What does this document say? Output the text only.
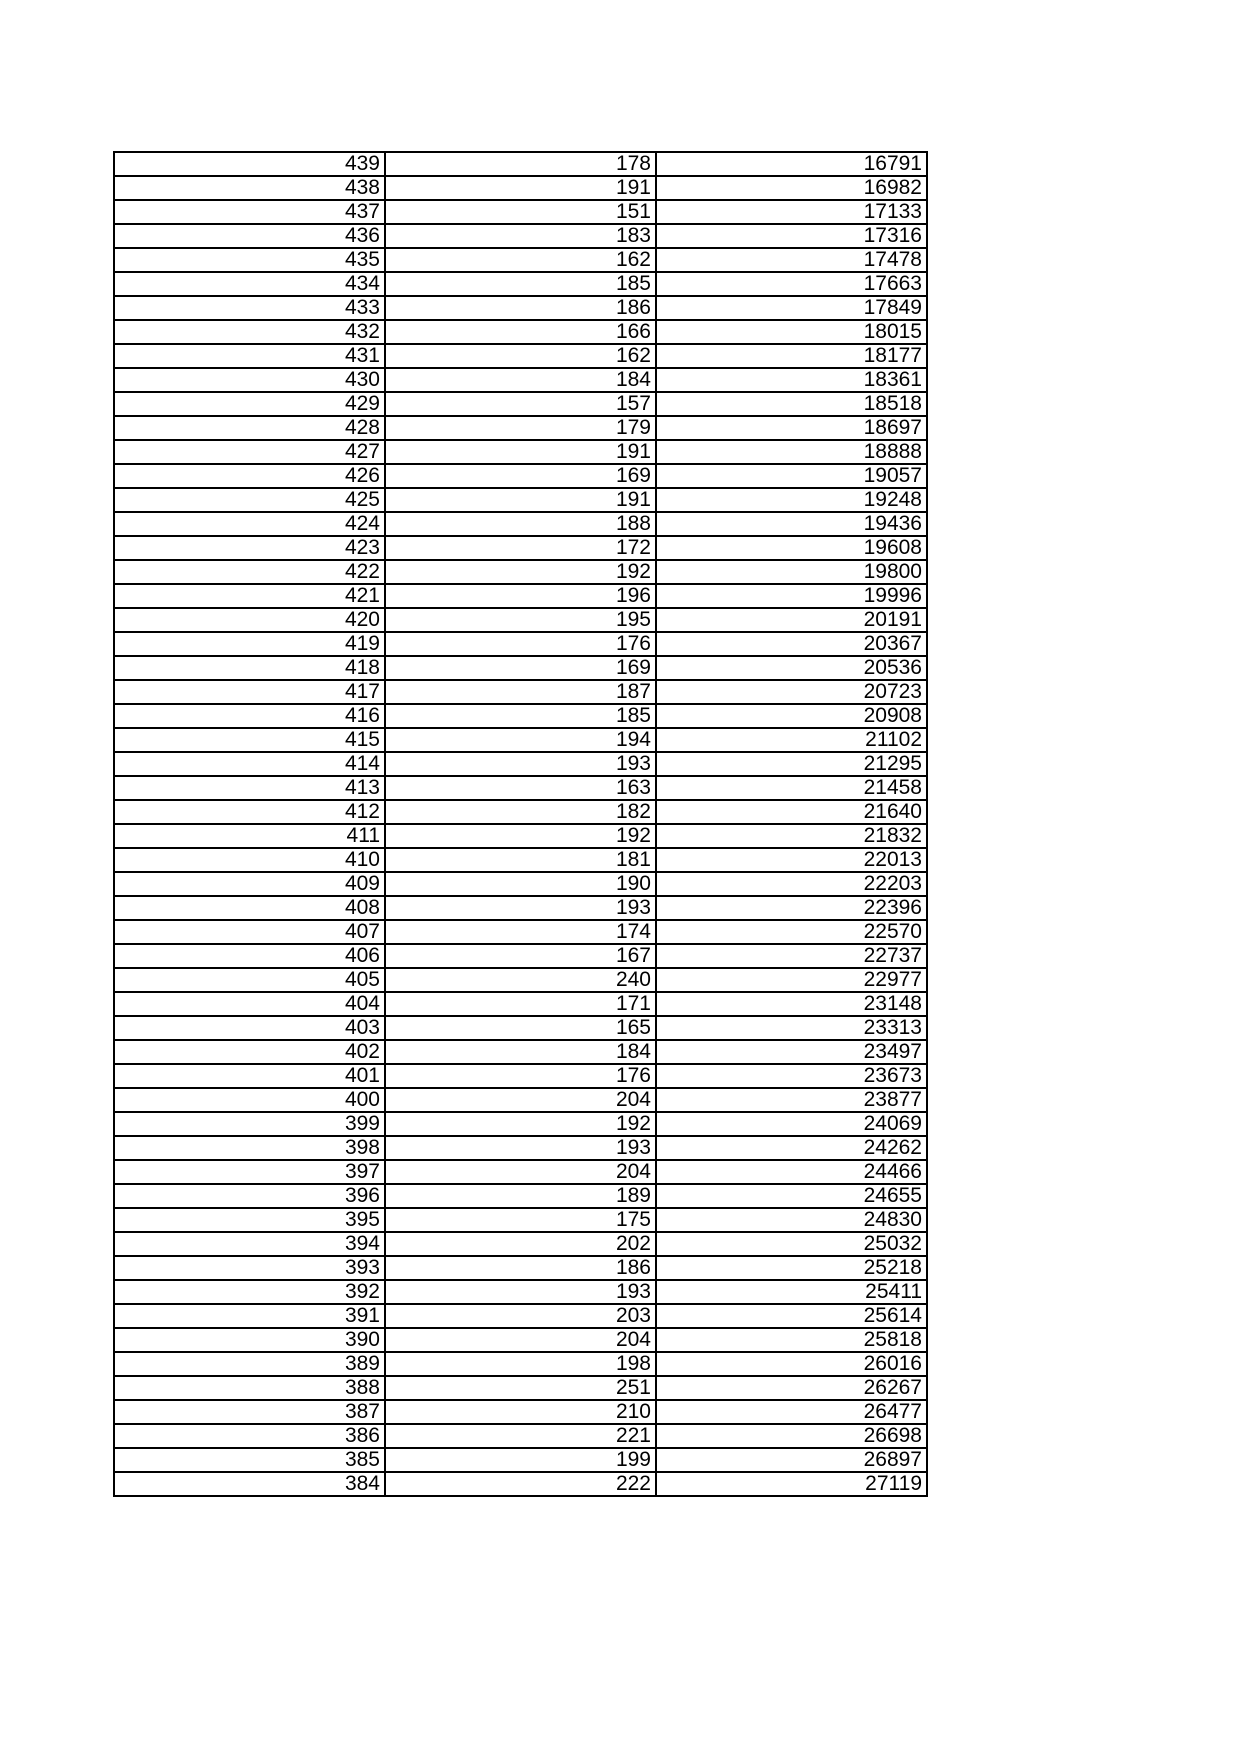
439	178	16791
438	191	16982
437	151	17133
436	183	17316
435	162	17478
434	185	17663
433	186	17849
432	166	18015
431	162	18177
430	184	18361
429	157	18518
428	179	18697
427	191	18888
426	169	19057
425	191	19248
424	188	19436
423	172	19608
422	192	19800
421	196	19996
420	195	20191
419	176	20367
418	169	20536
417	187	20723
416	185	20908
415	194	21102
414	193	21295
413	163	21458
412	182	21640
411	192	21832
410	181	22013
409	190	22203
408	193	22396
407	174	22570
406	167	22737
405	240	22977
404	171	23148
403	165	23313
402	184	23497
401	176	23673
400	204	23877
399	192	24069
398	193	24262
397	204	24466
396	189	24655
395	175	24830
394	202	25032
393	186	25218
392	193	25411
391	203	25614
390	204	25818
389	198	26016
388	251	26267
387	210	26477
386	221	26698
385	199	26897
384	222	27119
